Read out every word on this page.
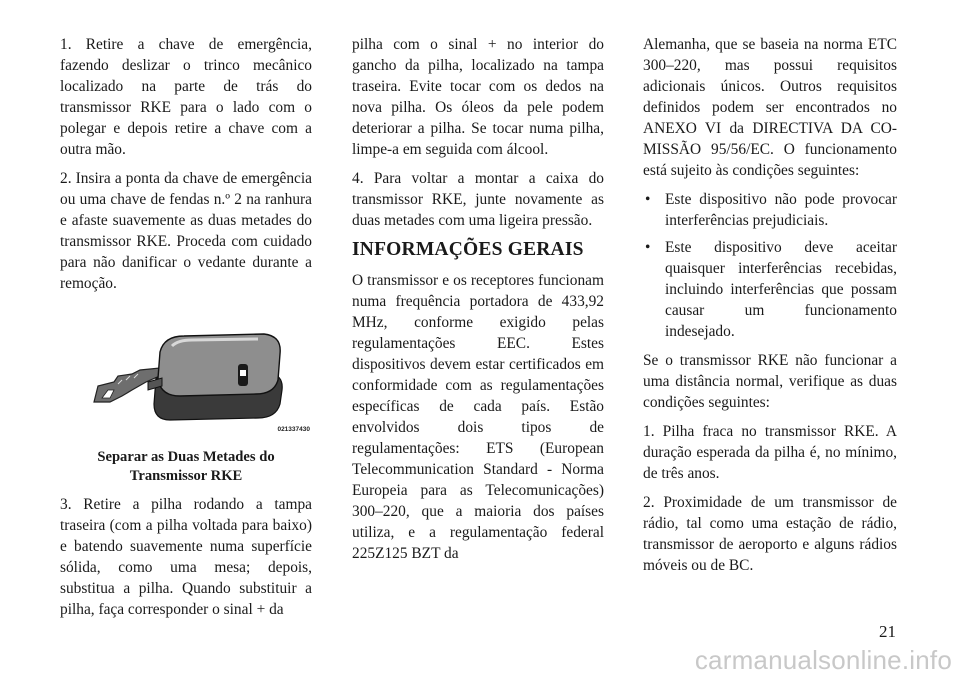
1. Retire a chave de emergência, fazendo deslizar o trinco mecânico localizado na parte de trás do transmissor RKE para o lado com o polegar e depois retire a chave com a outra mão.

2. Insira a ponta da chave de emergência ou uma chave de fendas n.º 2 na ranhura e afaste suavemente as duas metades do transmissor RKE. Proceda com cuidado para não danificar o vedante durante a remoção.

021337430
Separar as Duas Metades do Transmissor RKE

3. Retire a pilha rodando a tampa traseira (com a pilha voltada para baixo) e batendo suavemente numa superfície sólida, como uma mesa; depois, substitua a pilha. Quando substituir a pilha, faça corresponder o sinal + da

pilha com o sinal + no interior do gancho da pilha, localizado na tampa traseira. Evite tocar com os dedos na nova pilha. Os óleos da pele podem deteriorar a pilha. Se tocar numa pilha, limpe-a em seguida com álcool.

4. Para voltar a montar a caixa do transmissor RKE, junte novamente as duas metades com uma ligeira pressão.

INFORMAÇÕES GERAIS

O transmissor e os receptores funcionam numa frequência portadora de 433,92 MHz, conforme exigido pelas regulamentações EEC. Estes dispositivos devem estar certificados em conformidade com as regulamentações específicas de cada país. Estão envolvidos dois tipos de regulamentações: ETS (European Telecommunication Standard - Norma Europeia para as Telecomunicações) 300–220, que a maioria dos países utiliza, e a regulamentação federal 225Z125 BZT da

Alemanha, que se baseia na norma ETC 300–220, mas possui requisitos adicionais únicos. Outros requisitos definidos podem ser encontrados no ANEXO VI da DIRECTIVA DA CO-MISSÃO 95/56/EC. O funcionamento está sujeito às condições seguintes:

• Este dispositivo não pode provocar interferências prejudiciais.
• Este dispositivo deve aceitar quaisquer interferências recebidas, incluindo interferências que possam causar um funcionamento indesejado.

Se o transmissor RKE não funcionar a uma distância normal, verifique as duas condições seguintes:

1. Pilha fraca no transmissor RKE. A duração esperada da pilha é, no mínimo, de três anos.

2. Proximidade de um transmissor de rádio, tal como uma estação de rádio, transmissor de aeroporto e alguns rádios móveis ou de BC.

21
carmanualsonline.info
